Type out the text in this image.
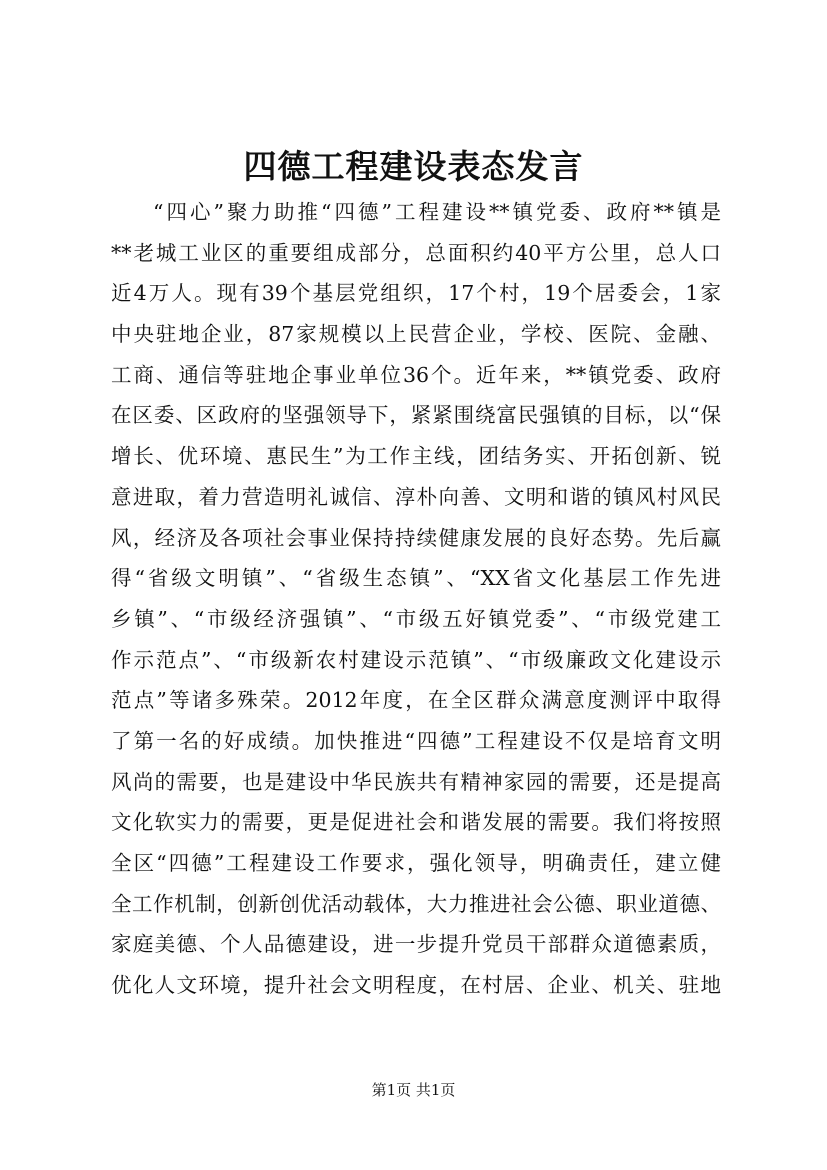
四德工程建设表态发言
“四心”聚力助推“四德”工程建设**镇党委、政府**镇是
**老城工业区的重要组成部分，总面积约40平方公里，总人口
近4万人。现有39个基层党组织，17个村，19个居委会，1家
中央驻地企业，87家规模以上民营企业，学校、医院、金融、
工商、通信等驻地企事业单位36个。近年来，**镇党委、政府
在区委、区政府的坚强领导下，紧紧围绕富民强镇的目标，以“保
增长、优环境、惠民生”为工作主线，团结务实、开拓创新、锐
意进取，着力营造明礼诚信、淳朴向善、文明和谐的镇风村风民
风，经济及各项社会事业保持持续健康发展的良好态势。先后赢
得“省级文明镇”、“省级生态镇”、“XX省文化基层工作先进
乡镇”、“市级经济强镇”、“市级五好镇党委”、“市级党建工
作示范点”、“市级新农村建设示范镇”、“市级廉政文化建设示
范点”等诸多殊荣。2012年度，在全区群众满意度测评中取得
了第一名的好成绩。加快推进“四德”工程建设不仅是培育文明
风尚的需要，也是建设中华民族共有精神家园的需要，还是提高
文化软实力的需要，更是促进社会和谐发展的需要。我们将按照
全区“四德”工程建设工作要求，强化领导，明确责任，建立健
全工作机制，创新创优活动载体，大力推进社会公德、职业道德、
家庭美德、个人品德建设，进一步提升党员干部群众道德素质，
优化人文环境，提升社会文明程度，在村居、企业、机关、驻地
第1页 共1页
